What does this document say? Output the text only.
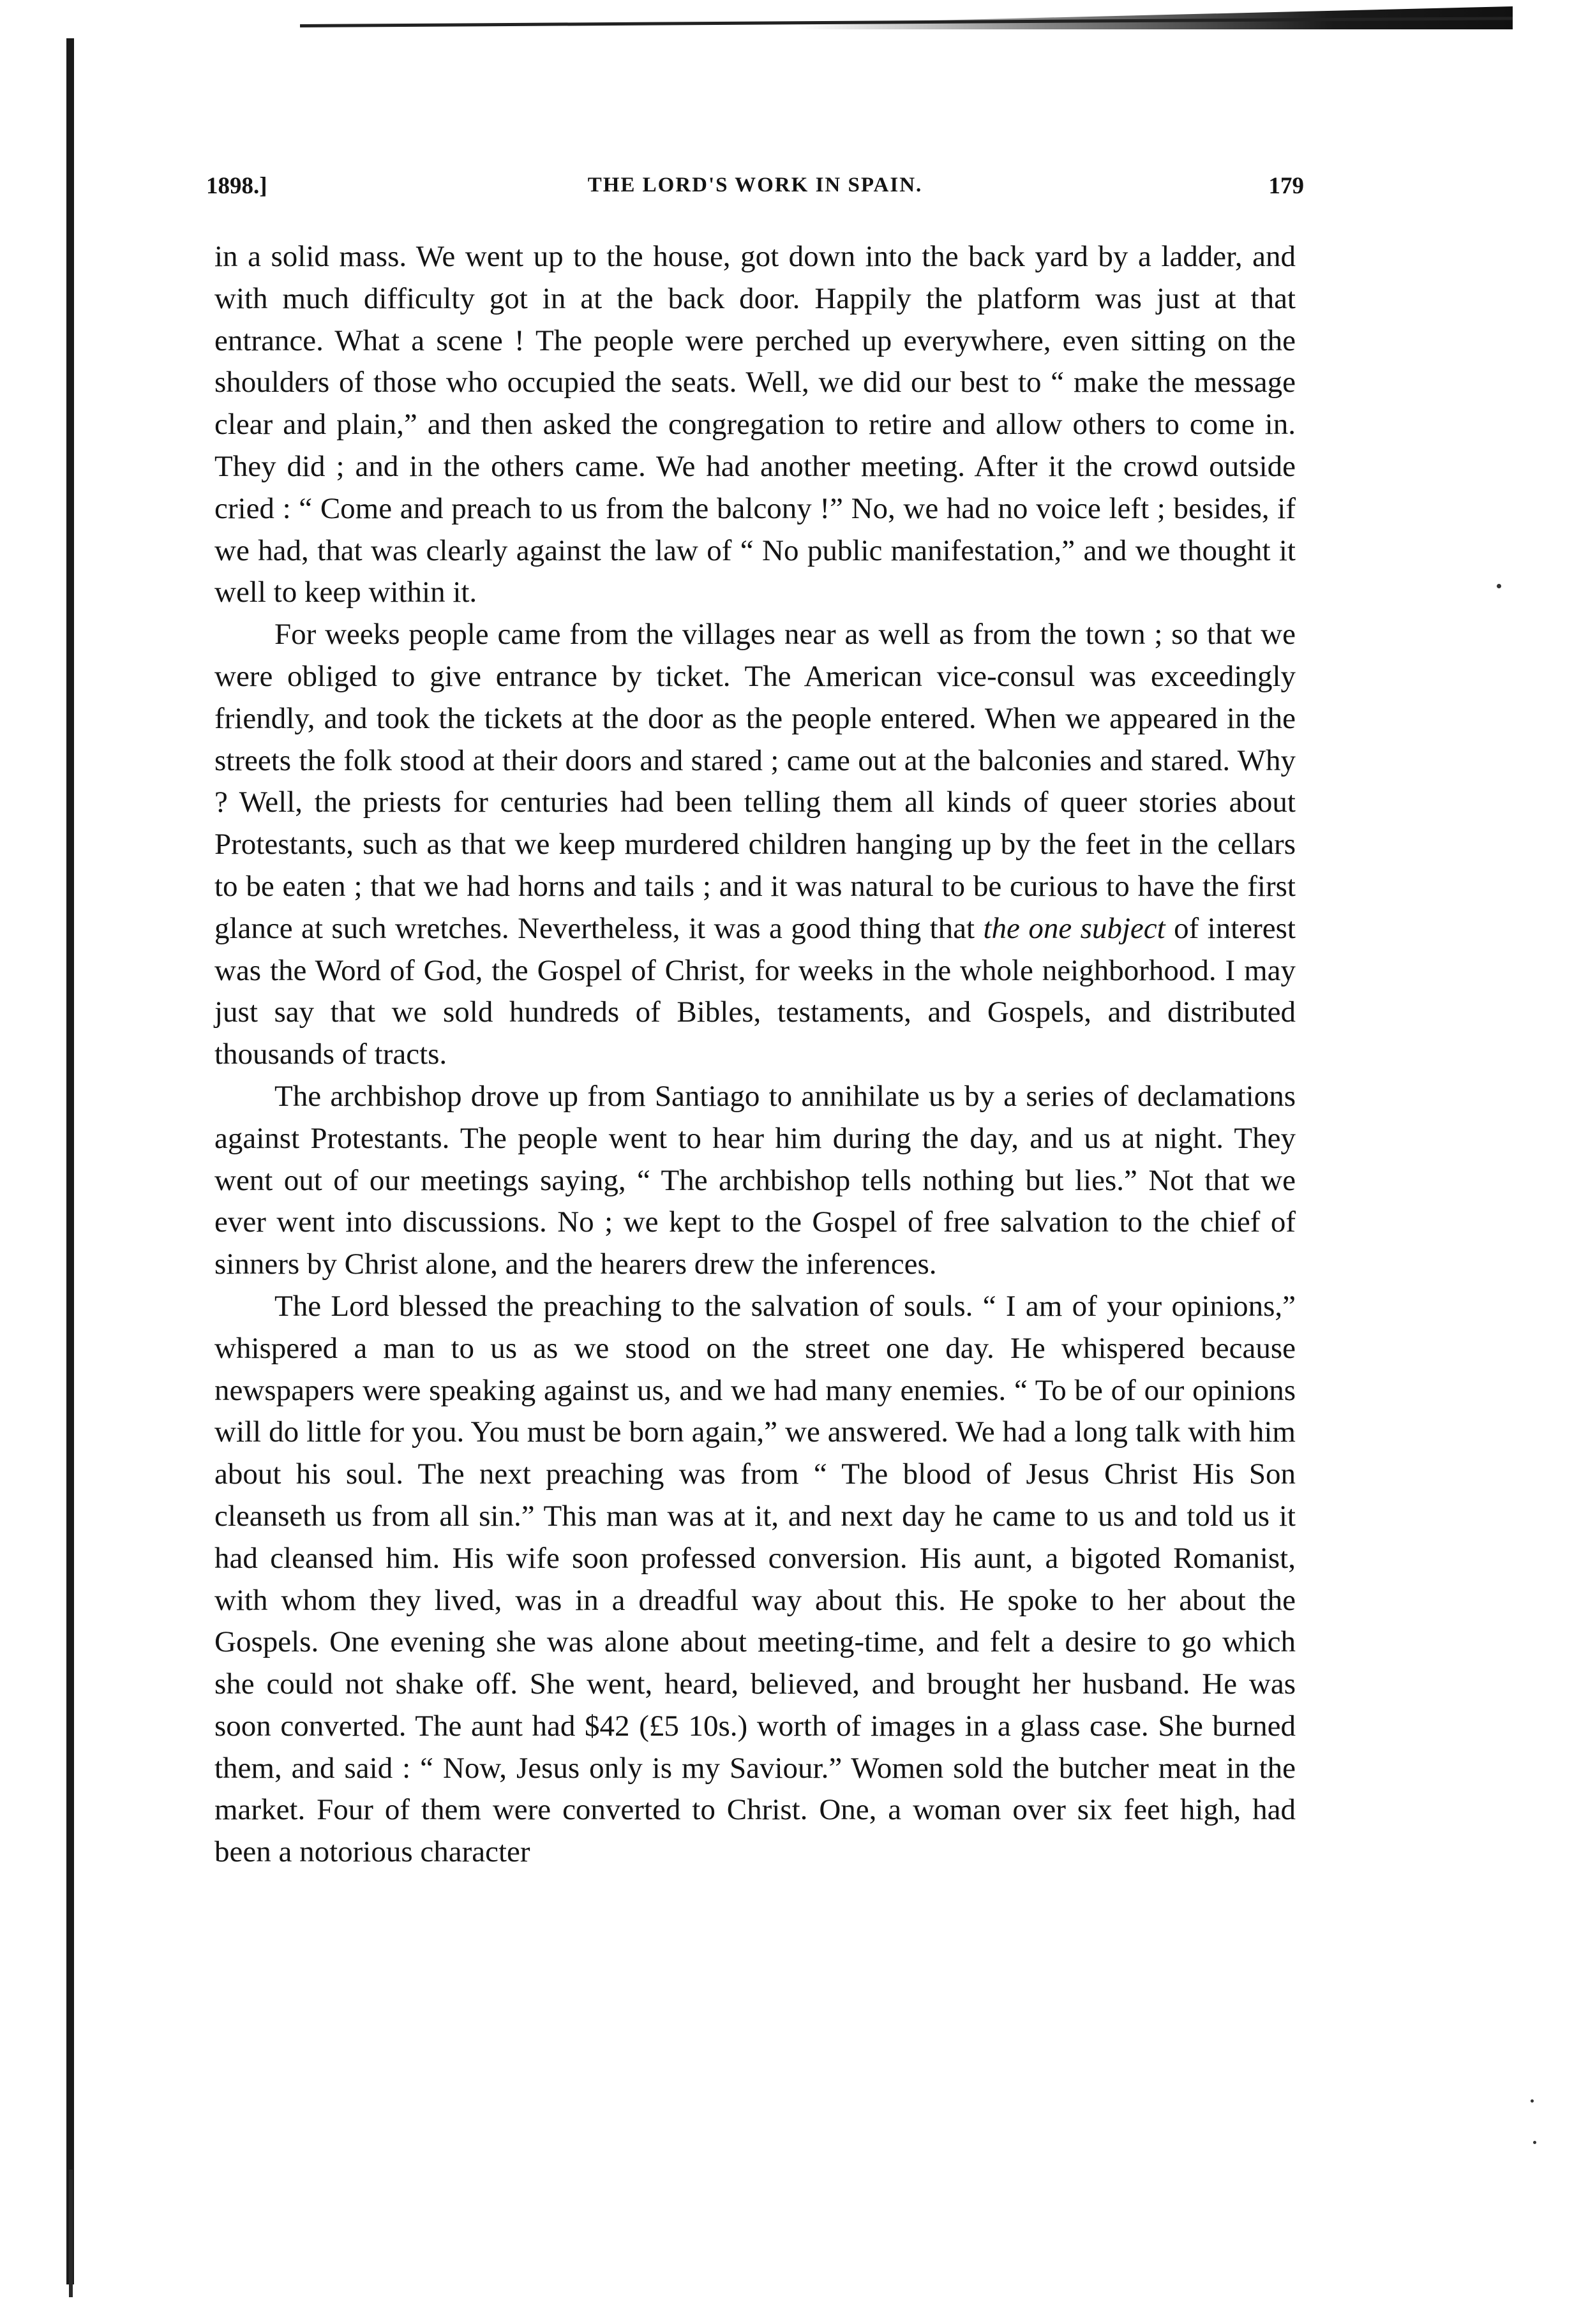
1898.]	THE LORD'S WORK IN SPAIN.	179

in a solid mass. We went up to the house, got down into the back yard by a ladder, and with much difficulty got in at the back door. Happily the platform was just at that entrance. What a scene ! The people were perched up everywhere, even sitting on the shoulders of those who occupied the seats. Well, we did our best to “ make the message clear and plain,” and then asked the congregation to retire and allow others to come in. They did ; and in the others came. We had another meeting. After it the crowd outside cried : “ Come and preach to us from the balcony !” No, we had no voice left ; besides, if we had, that was clearly against the law of “ No public manifestation,” and we thought it well to keep within it.

For weeks people came from the villages near as well as from the town ; so that we were obliged to give entrance by ticket. The American vice-consul was exceedingly friendly, and took the tickets at the door as the people entered. When we appeared in the streets the folk stood at their doors and stared ; came out at the balconies and stared. Why ? Well, the priests for centuries had been telling them all kinds of queer stories about Protestants, such as that we keep murdered children hanging up by the feet in the cellars to be eaten ; that we had horns and tails ; and it was natural to be curious to have the first glance at such wretches. Nevertheless, it was a good thing that the one subject of interest was the Word of God, the Gospel of Christ, for weeks in the whole neighborhood. I may just say that we sold hundreds of Bibles, testaments, and Gospels, and distributed thousands of tracts.

The archbishop drove up from Santiago to annihilate us by a series of declamations against Protestants. The people went to hear him during the day, and us at night. They went out of our meetings saying, “ The archbishop tells nothing but lies.” Not that we ever went into discussions. No ; we kept to the Gospel of free salvation to the chief of sinners by Christ alone, and the hearers drew the inferences.

The Lord blessed the preaching to the salvation of souls. “ I am of your opinions,” whispered a man to us as we stood on the street one day. He whispered because newspapers were speaking against us, and we had many enemies. “ To be of our opinions will do little for you. You must be born again,” we answered. We had a long talk with him about his soul. The next preaching was from “ The blood of Jesus Christ His Son cleanseth us from all sin.” This man was at it, and next day he came to us and told us it had cleansed him. His wife soon professed conversion. His aunt, a bigoted Romanist, with whom they lived, was in a dreadful way about this. He spoke to her about the Gospels. One evening she was alone about meeting-time, and felt a desire to go which she could not shake off. She went, heard, believed, and brought her husband. He was soon converted. The aunt had $42 (£5 10s.) worth of images in a glass case. She burned them, and said : “ Now, Jesus only is my Saviour.” Women sold the butcher meat in the market. Four of them were converted to Christ. One, a woman over six feet high, had been a notorious character
